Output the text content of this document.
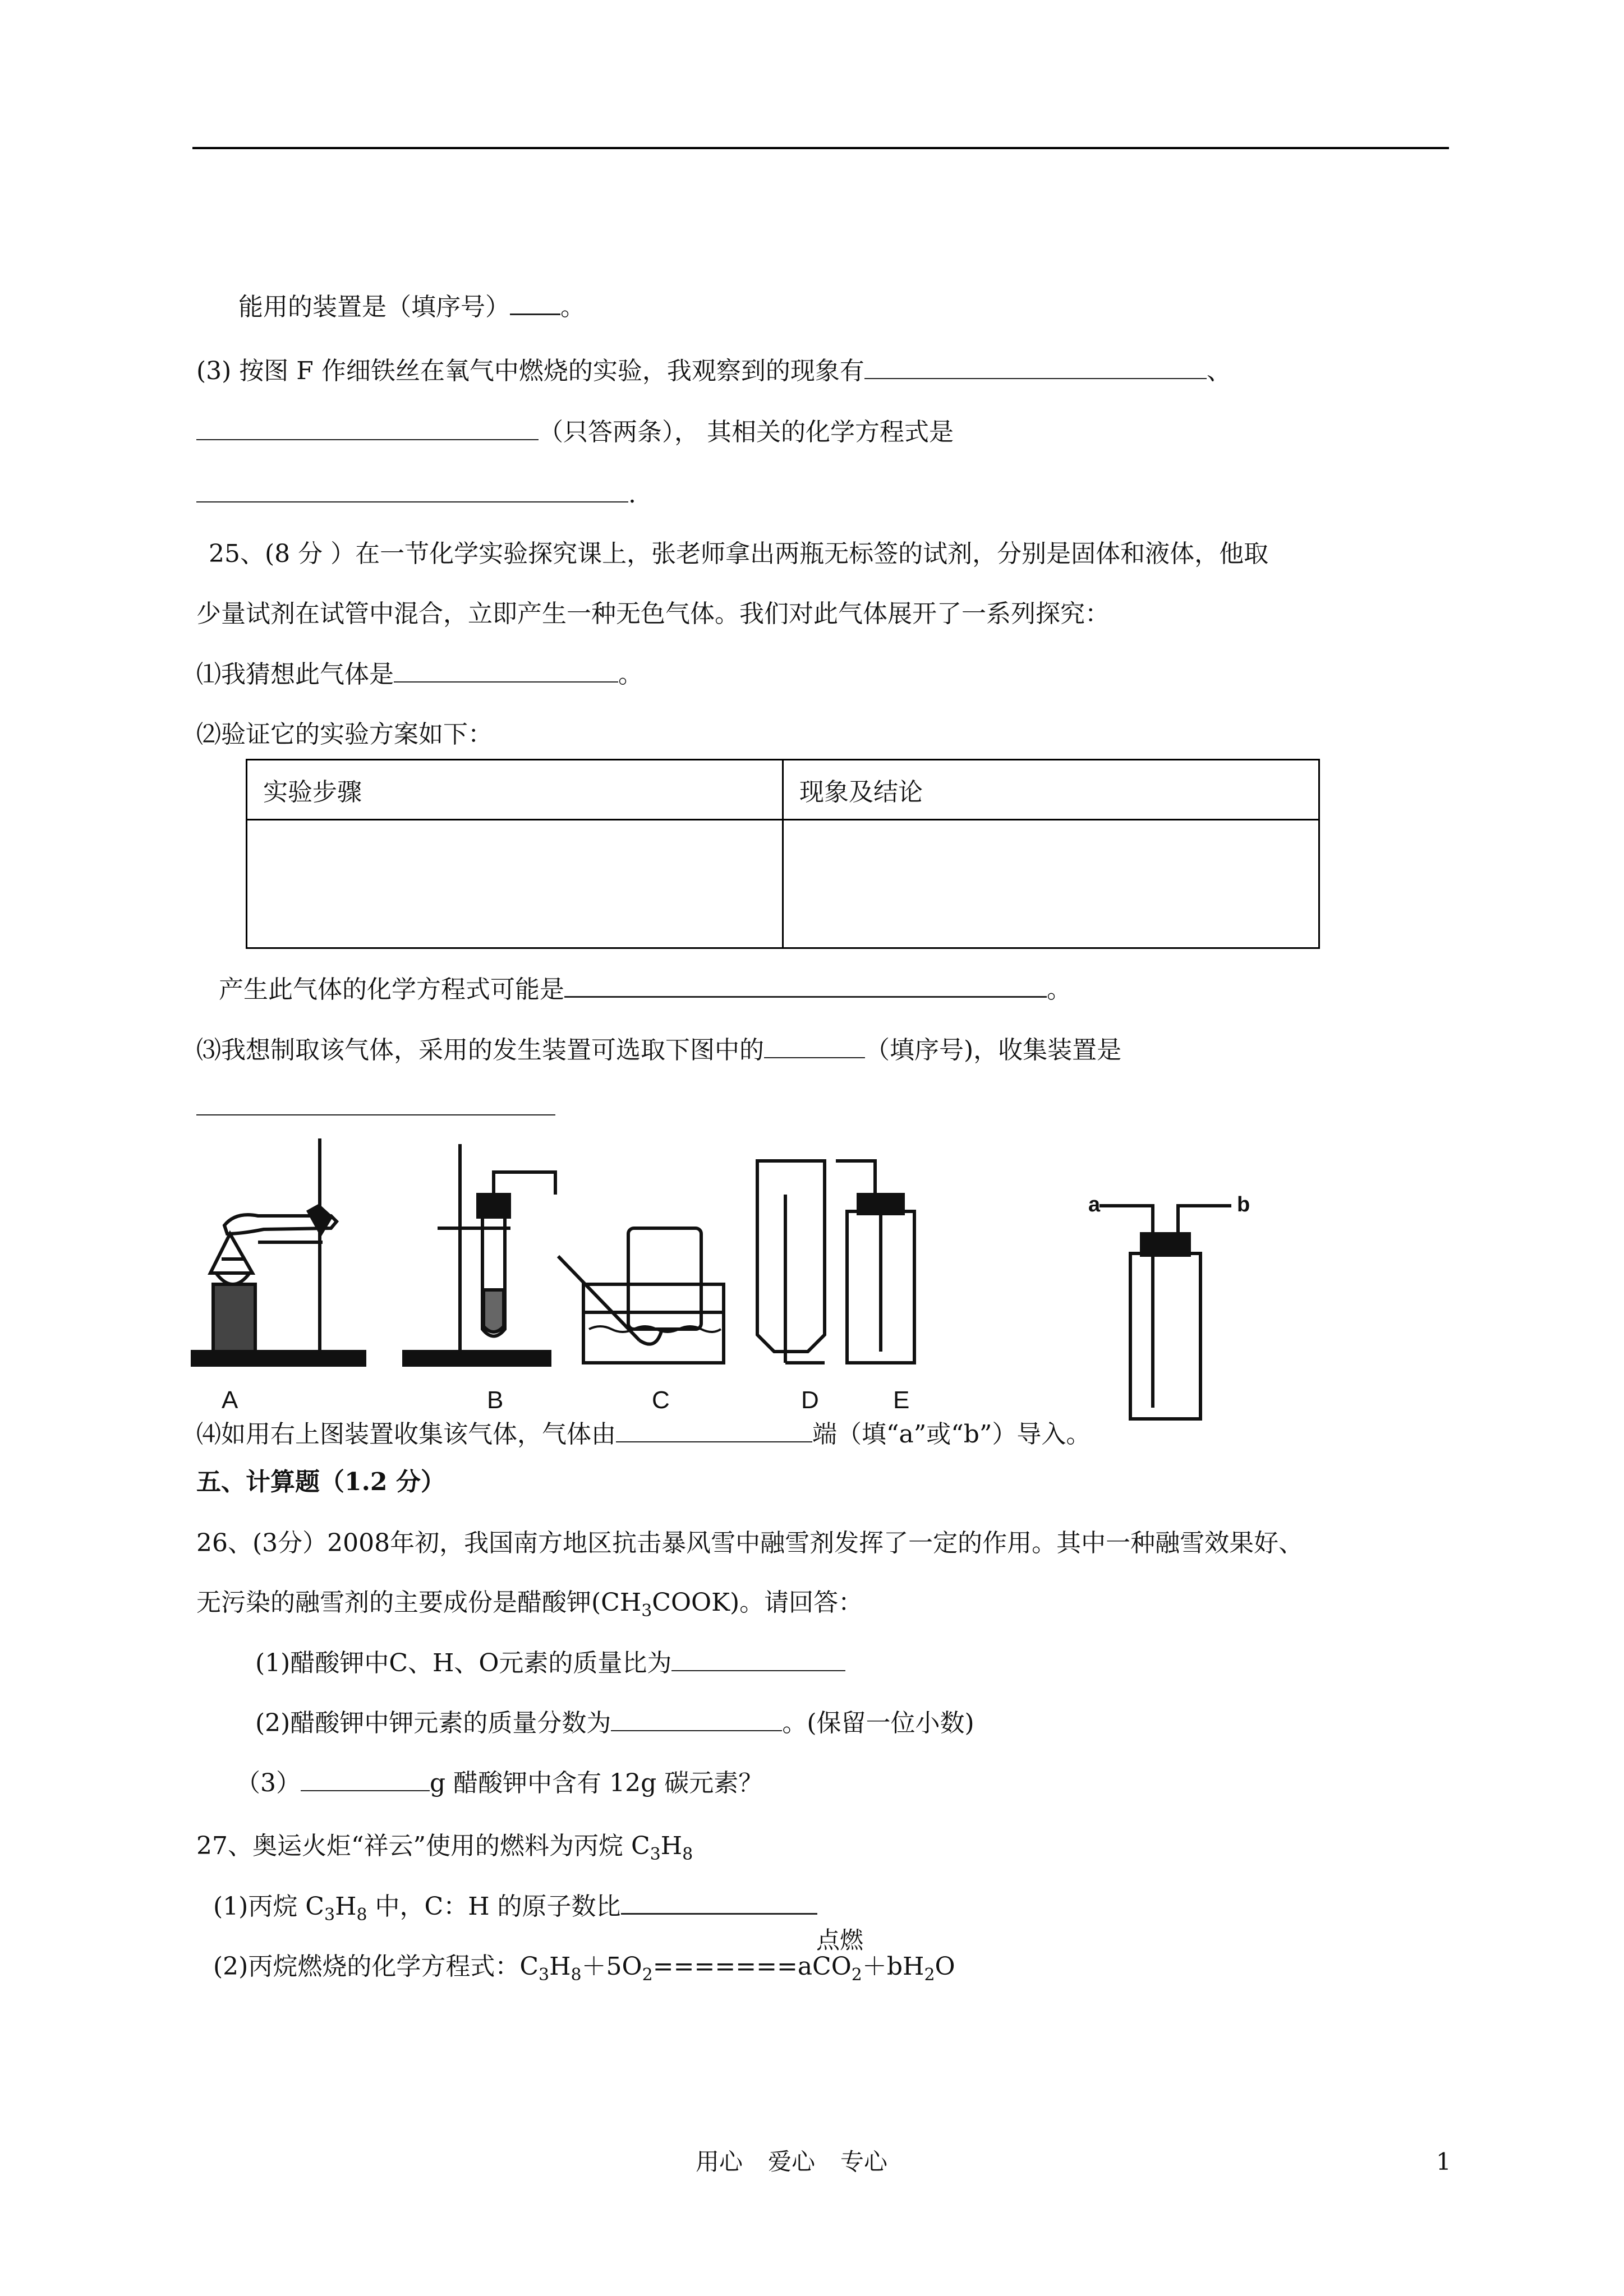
能用的装置是（填序号） 。
(3) 按图 F 作细铁丝在氧气中燃烧的实验，我观察到的现象有	、
（只答两条）， 其相关的化学方程式是
.
25、(8 分 ）在一节化学实验探究课上，张老师拿出两瓶无标签的试剂，分别是固体和液体，他取
少量试剂在试管中混合，立即产生一种无色气体。我们对此气体展开了一系列探究：
⑴我猜想此气体是	。
⑵验证它的实验方案如下：
实验步骤	现象及结论

产生此气体的化学方程式可能是	。
⑶我想制取该气体，采用的发生装置可选取下图中的	（填序号)，收集装置是
a	b
A	B	C	D	E
⑷如用右上图装置收集该气体，气体由	端（填“a”或“b”）导入。
五、计算题（1.2 分）
26、(3分）2008年初，我国南方地区抗击暴风雪中融雪剂发挥了一定的作用。其中一种融雪效果好、
无污染的融雪剂的主要成份是醋酸钾$(CH_3COOK)$。请回答：
(1)醋酸钾中C、H、O元素的质量比为
(2)醋酸钾中钾元素的质量分数为	。(保留一位小数)
（3）	g 醋酸钾中含有 12g 碳元素？
27、奥运火炬“祥云”使用的燃料为丙烷 $C_3H_8$
(1)丙烷 $C_3H_8$ 中，C：H 的原子数比
点燃
(2)丙烷燃烧的化学方程式：$C_3H_8+5O_2=======aCO_2+bH_2O$
用心 爱心 专心	1
